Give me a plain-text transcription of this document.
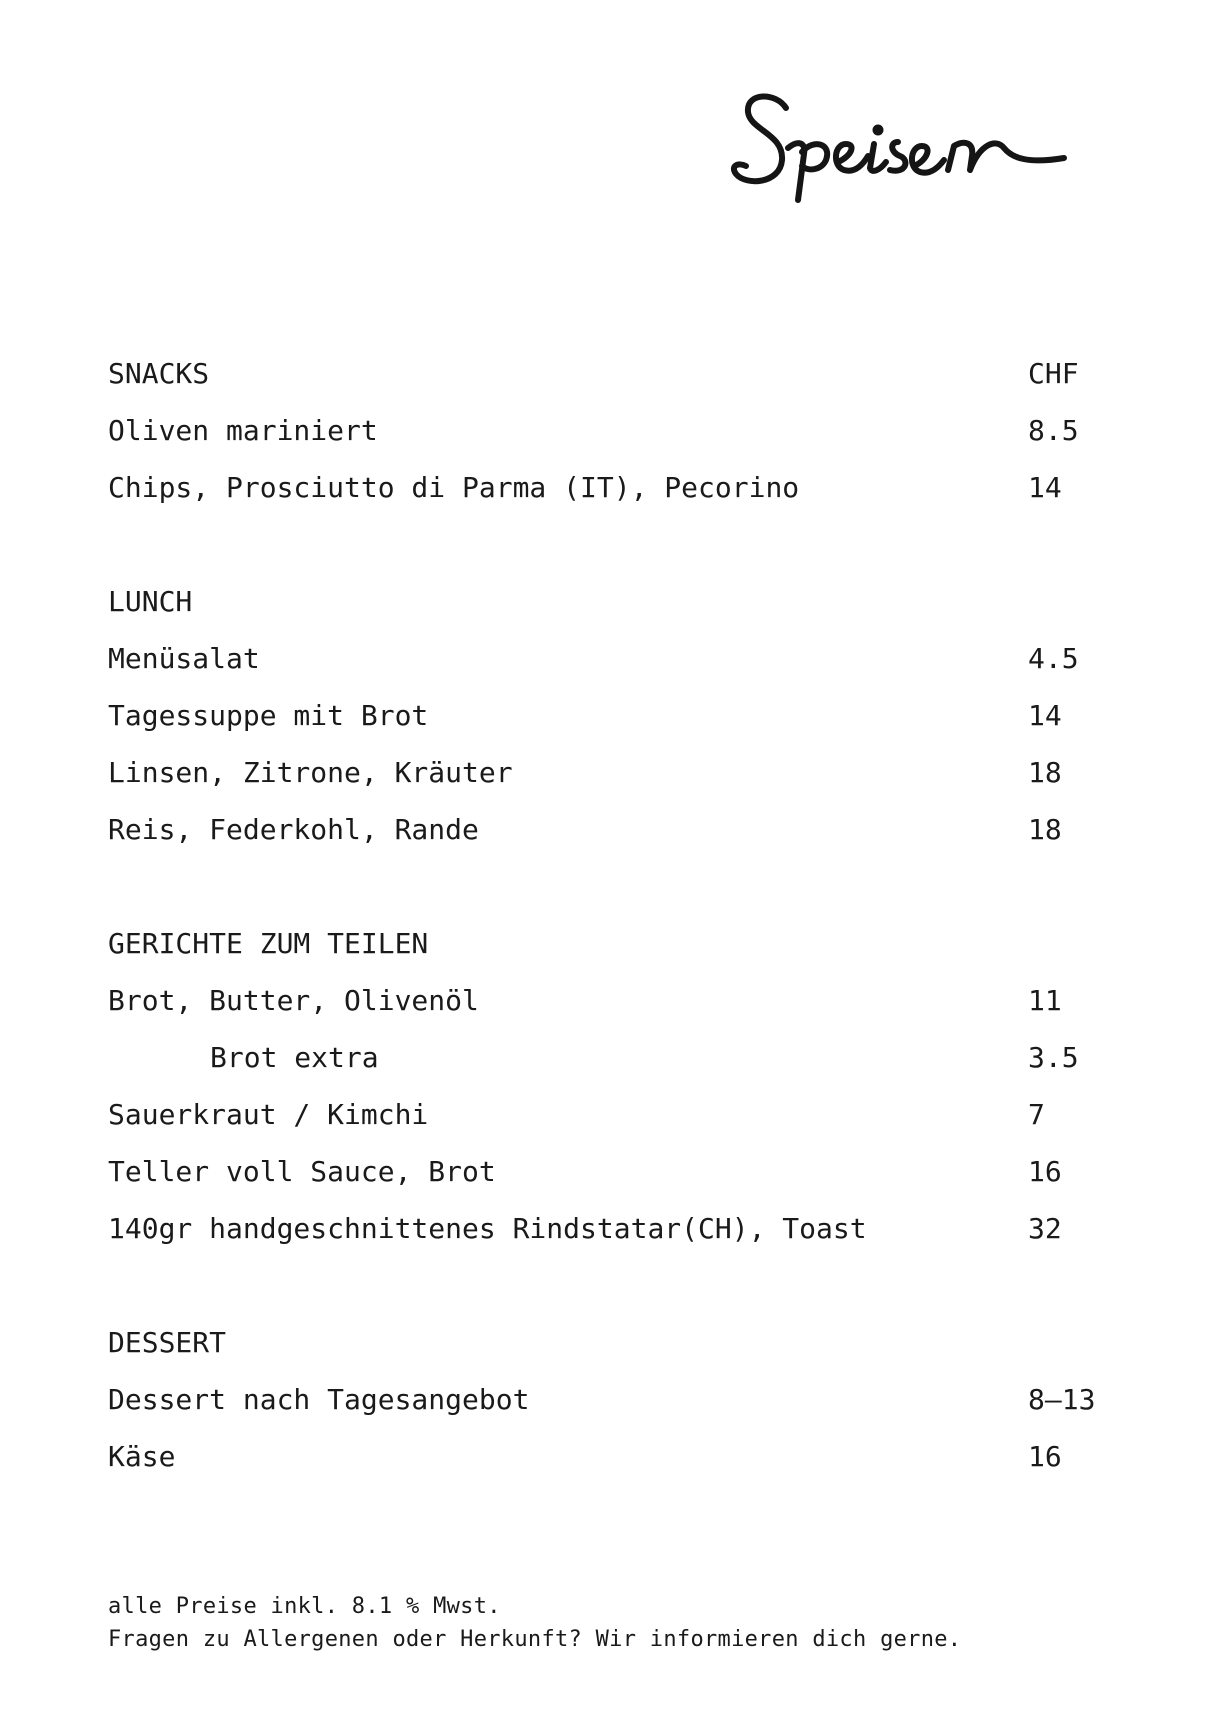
SNACKS	CHF
Oliven mariniert	8.5
Chips, Prosciutto di Parma (IT), Pecorino	14
LUNCH
Menüsalat	4.5
Tagessuppe mit Brot	14
Linsen, Zitrone, Kräuter	18
Reis, Federkohl, Rande	18
GERICHTE ZUM TEILEN
Brot, Butter, Olivenöl	11
Brot extra	3.5
Sauerkraut / Kimchi	7
Teller voll Sauce, Brot	16
140gr handgeschnittenes Rindstatar(CH), Toast	32
DESSERT
Dessert nach Tagesangebot	8–13
Käse	16
alle Preise inkl. 8.1 % Mwst.
Fragen zu Allergenen oder Herkunft? Wir informieren dich gerne.
